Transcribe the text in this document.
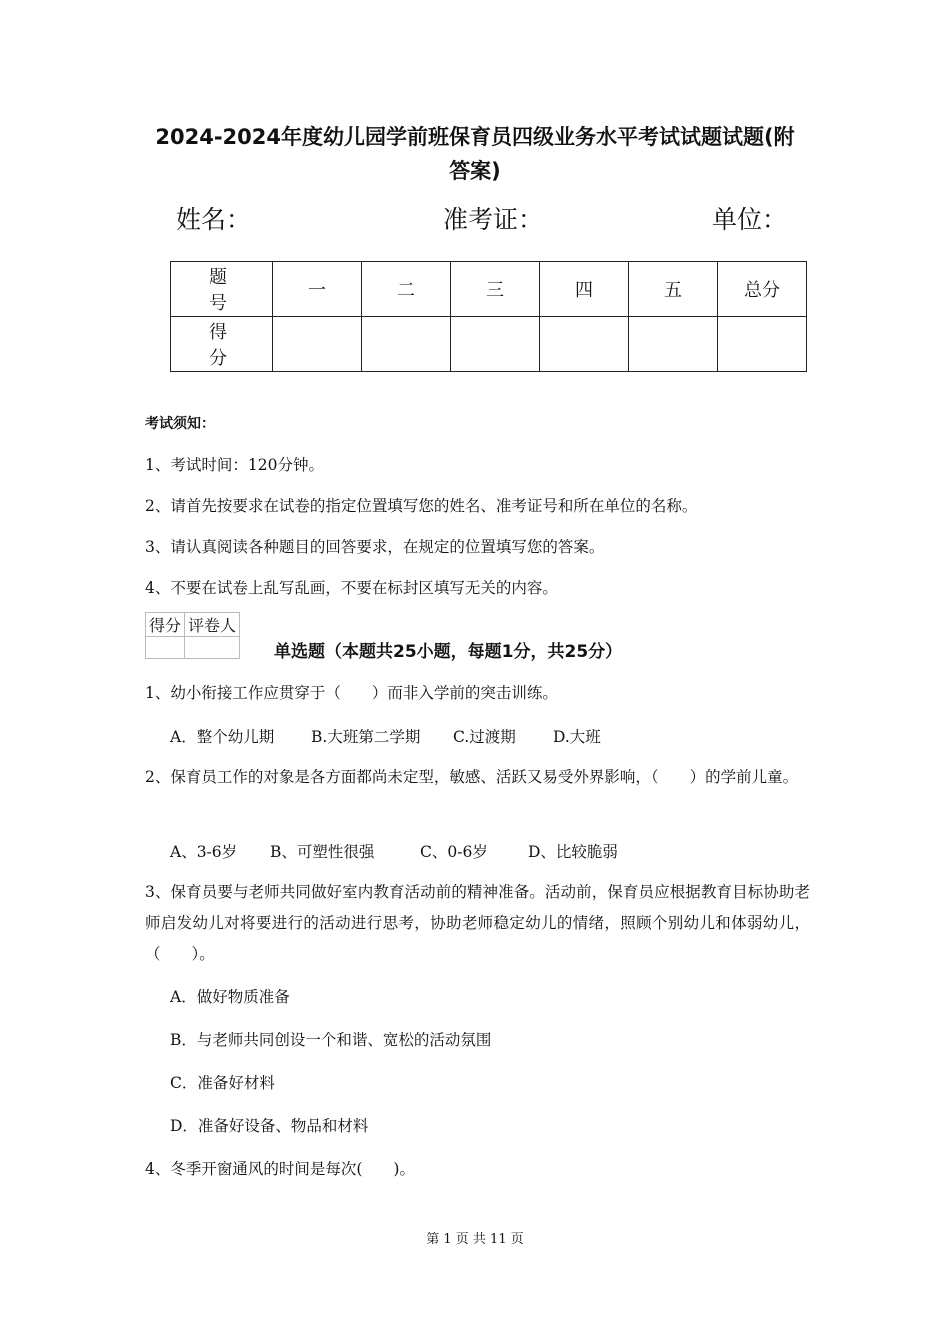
2024-2024年度幼儿园学前班保育员四级业务水平考试试题试题(附
答案)
姓名：	准考证：	单位：
题 号	一	二	三	四	五	总分
得 分						
考试须知：
1、考试时间：120分钟。
2、请首先按要求在试卷的指定位置填写您的姓名、准考证号和所在单位的名称。
3、请认真阅读各种题目的回答要求，在规定的位置填写您的答案。
4、不要在试卷上乱写乱画，不要在标封区填写无关的内容。
得分	评卷人

单选题（本题共25小题，每题1分，共25分）
1、幼小衔接工作应贯穿于（　　）而非入学前的突击训练。
A．整个幼儿期 B.大班第二学期 C.过渡期 D.大班
2、保育员工作的对象是各方面都尚未定型，敏感、活跃又易受外界影响，（　　）的学前儿童。
A、3-6岁 B、可塑性很强	C、0-6岁	D、比较脆弱
3、保育员要与老师共同做好室内教育活动前的精神准备。活动前，保育员应根据教育目标协助老师启发幼儿对将要进行的活动进行思考，协助老师稳定幼儿的情绪，照顾个别幼儿和体弱幼儿，（　　）。
A．做好物质准备
B．与老师共同创设一个和谐、宽松的活动氛围
C．准备好材料
D．准备好设备、物品和材料
4、冬季开窗通风的时间是每次(　　)。
第 1 页 共 11 页
